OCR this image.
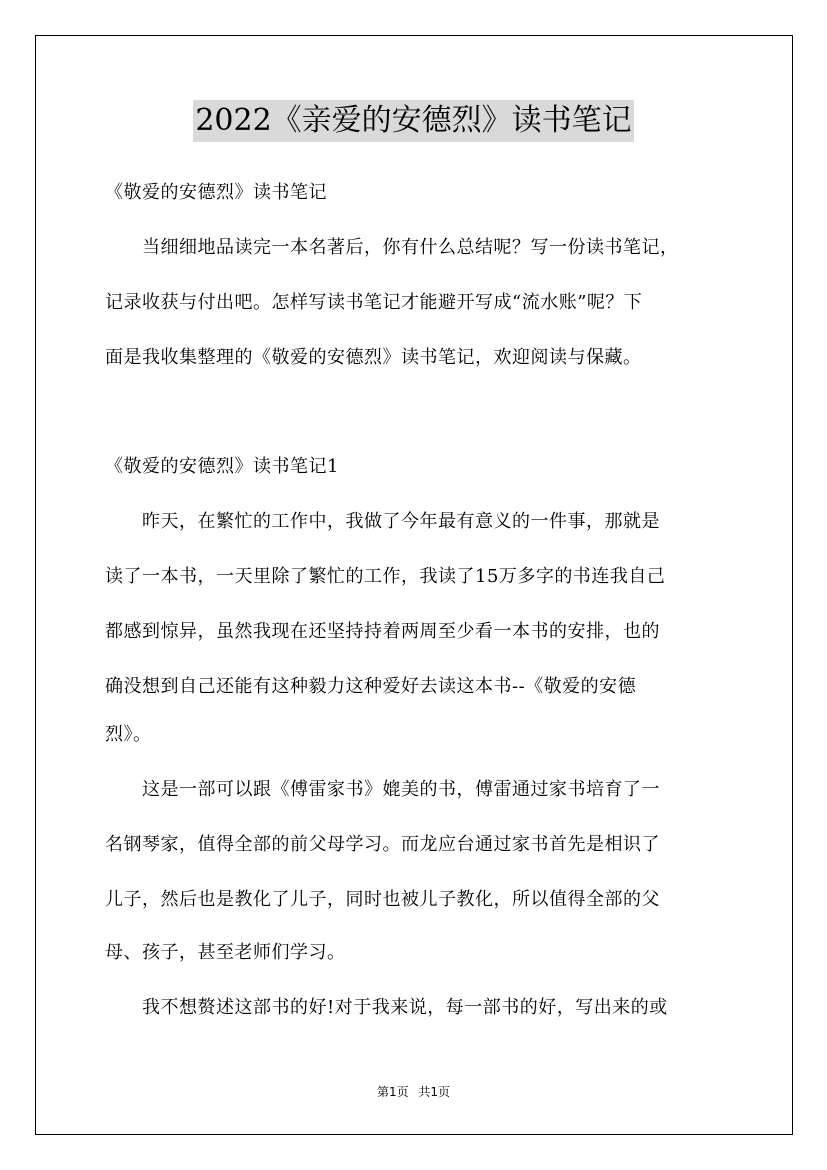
2022《亲爱的安德烈》读书笔记
《敬爱的安德烈》读书笔记
　　当细细地品读完一本名著后，你有什么总结呢？写一份读书笔记，
记录收获与付出吧。怎样写读书笔记才能避开写成“流水账”呢？下
面是我收集整理的《敬爱的安德烈》读书笔记，欢迎阅读与保藏。
《敬爱的安德烈》读书笔记1
　　昨天，在繁忙的工作中，我做了今年最有意义的一件事，那就是
读了一本书，一天里除了繁忙的工作，我读了15万多字的书连我自己
都感到惊异，虽然我现在还坚持持着两周至少看一本书的安排，也的
确没想到自己还能有这种毅力这种爱好去读这本书--《敬爱的安德
烈》。
　　这是一部可以跟《傅雷家书》媲美的书，傅雷通过家书培育了一
名钢琴家，值得全部的前父母学习。而龙应台通过家书首先是相识了
儿子，然后也是教化了儿子，同时也被儿子教化，所以值得全部的父
母、孩子，甚至老师们学习。
　　我不想赘述这部书的好!对于我来说，每一部书的好，写出来的或
第1页 共1页
